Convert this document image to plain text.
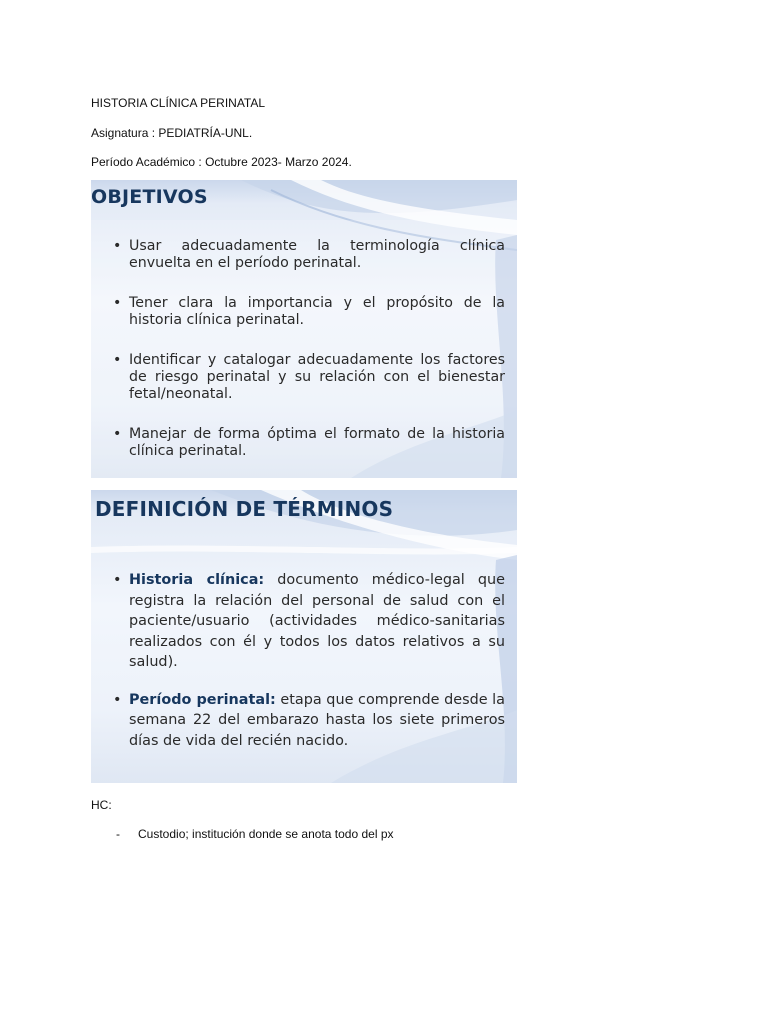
HISTORIA CLÍNICA PERINATAL
Asignatura : PEDIATRÍA-UNL.
Período Académico : Octubre 2023- Marzo 2024.
OBJETIVOS
• Usar adecuadamente la terminología clínica envuelta en el período perinatal.
• Tener clara la importancia y el propósito de la historia clínica perinatal.
• Identificar y catalogar adecuadamente los factores de riesgo perinatal y su relación con el bienestar fetal/neonatal.
• Manejar de forma óptima el formato de la historia clínica perinatal.
DEFINICIÓN DE TÉRMINOS
• Historia clínica: documento médico-legal que registra la relación del personal de salud con el paciente/usuario (actividades médico-sanitarias realizados con él y todos los datos relativos a su salud).
• Período perinatal: etapa que comprende desde la semana 22 del embarazo hasta los siete primeros días de vida del recién nacido.
HC:
- Custodio; institución donde se anota todo del px
